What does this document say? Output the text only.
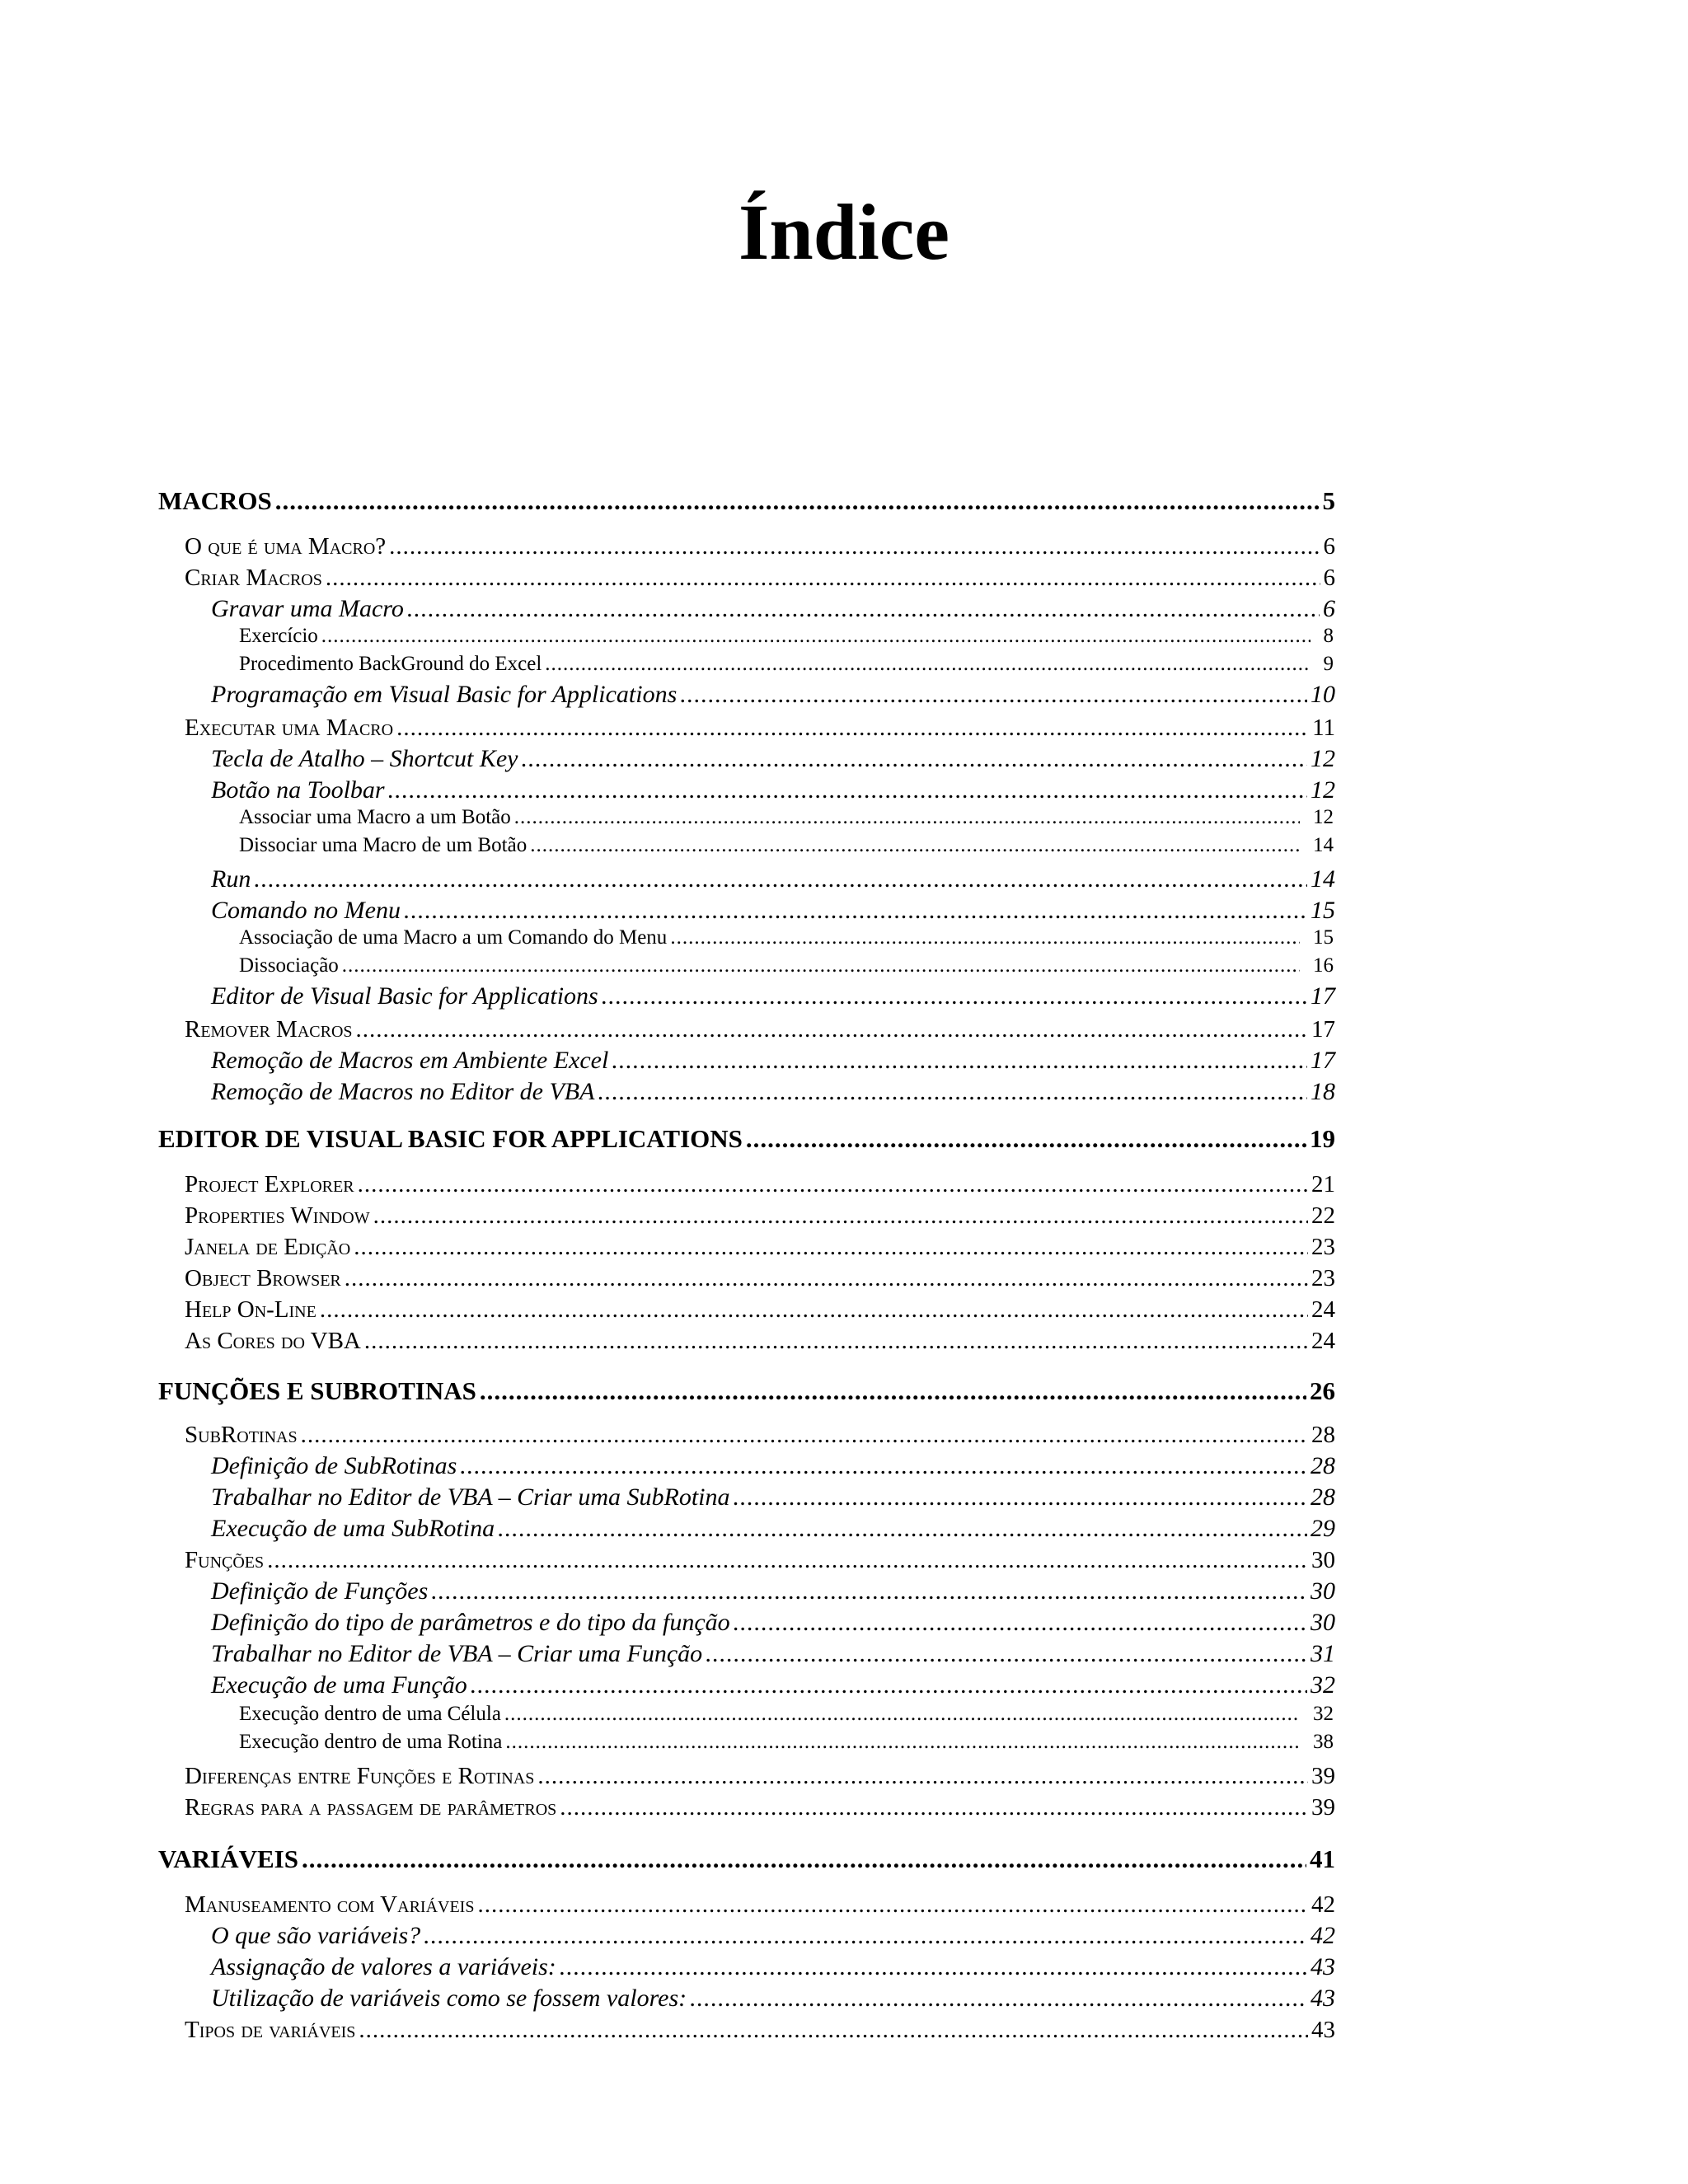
Índice
MACROS .....	5
O que é uma Macro? .....	6
Criar Macros .....	6
Gravar uma Macro .....	6
Exercício .....	8
Procedimento BackGround do Excel .....	9
Programação em Visual Basic for Applications .....	10
Executar uma Macro .....	11
Tecla de Atalho – Shortcut Key .....	12
Botão na Toolbar .....	12
Associar uma Macro a um Botão .....	12
Dissociar uma Macro de um Botão .....	14
Run .....	14
Comando no Menu .....	15
Associação de uma Macro a um Comando do Menu .....	15
Dissociação .....	16
Editor de Visual Basic for Applications .....	17
Remover Macros .....	17
Remoção de Macros em Ambiente Excel .....	17
Remoção de Macros no Editor de VBA .....	18
EDITOR DE VISUAL BASIC FOR APPLICATIONS .....	19
Project Explorer .....	21
Properties Window .....	22
Janela de Edição .....	23
Object Browser .....	23
Help On-Line .....	24
As Cores do VBA .....	24
FUNÇÕES E SUBROTINAS .....	26
SubRotinas .....	28
Definição de SubRotinas .....	28
Trabalhar no Editor de VBA – Criar uma SubRotina .....	28
Execução de uma SubRotina .....	29
Funções .....	30
Definição de Funções .....	30
Definição do tipo de parâmetros e do tipo da função .....	30
Trabalhar no Editor de VBA – Criar uma Função .....	31
Execução de uma Função .....	32
Execução dentro de uma Célula .....	32
Execução dentro de uma Rotina .....	38
Diferenças entre Funções e Rotinas .....	39
Regras para a passagem de parâmetros .....	39
VARIÁVEIS .....	41
Manuseamento com Variáveis .....	42
O que são variáveis? .....	42
Assignação de valores a variáveis: .....	43
Utilização de variáveis como se fossem valores: .....	43
Tipos de variáveis .....	43
